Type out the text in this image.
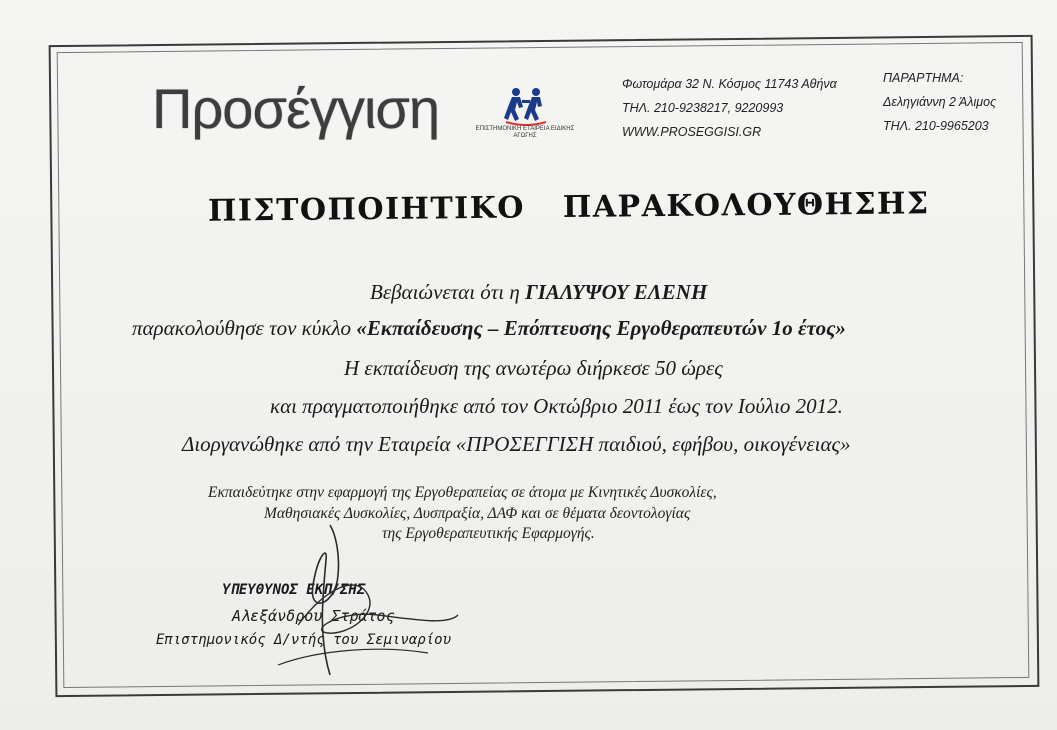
Προσέγγιση	ΕΠΙΣΤΗΜΟΝΙΚΗ ΕΤΑΙΡΕΙΑ ΕΙΔΙΚΗΣ ΑΓΩΓΗΣ
Φωτομάρα 32 Ν. Κόσμος 11743 Αθήνα
ΤΗΛ. 210-9238217, 9220993
WWW.PROSEGGISI.GR
ΠΑΡΑΡΤΗΜΑ:
Δεληγιάννη 2 Άλιμος
ΤΗΛ. 210-9965203
ΠΙΣΤΟΠΟΙΗΤΙΚΟ ΠΑΡΑΚΟΛΟΥΘΗΣΗΣ
Βεβαιώνεται ότι η ΓΙΑΛΥΨΟΥ ΕΛΕΝΗ
παρακολούθησε τον κύκλο «Εκπαίδευσης – Επόπτευσης Εργοθεραπευτών 1ο έτος»
Η εκπαίδευση της ανωτέρω διήρκεσε 50 ώρες
και πραγματοποιήθηκε από τον Οκτώβριο 2011 έως τον Ιούλιο 2012.
Διοργανώθηκε από την Εταιρεία «ΠΡΟΣΕΓΓΙΣΗ παιδιού, εφήβου, οικογένειας»
Εκπαιδεύτηκε στην εφαρμογή της Εργοθεραπείας σε άτομα με Κινητικές Δυσκολίες,
Μαθησιακές Δυσκολίες, Δυσπραξία, ΔΑΦ και σε θέματα δεοντολογίας
της Εργοθεραπευτικής Εφαρμογής.
ΥΠΕΥΘΥΝΟΣ ΕΚΠ/ΣΗΣ
Αλεξάνδρου Στράτος
Επιστημονικός Δ/ντής του Σεμιναρίου
